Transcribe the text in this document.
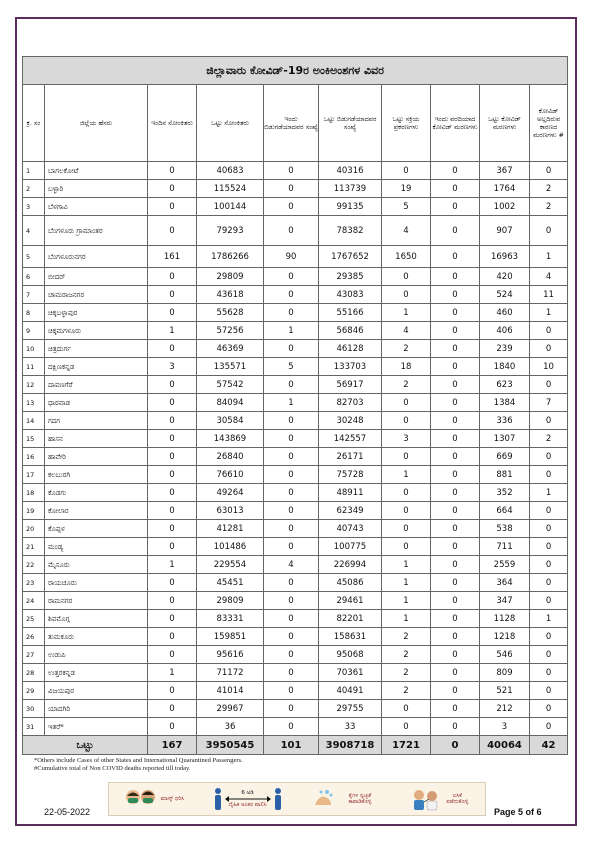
ಜಿಲ್ಲಾವಾರು ಕೋವಿಡ್-19ರ ಅಂಕಿಅಂಶಗಳ ವಿವರ									
ಕ್ರ. ಸಂ	ಜಿಲ್ಲೆಯ ಹೆಸರು	ಇಂದಿನ ಸೋಂಕಿತರು	ಒಟ್ಟು ಸೋಂಕಿತರು	ಇಂದು ಬಿಡುಗಡೆಯಾದವರ ಸಂಖ್ಯೆ	ಒಟ್ಟು ಬಿಡುಗಡೆಯಾದವರ ಸಂಖ್ಯೆ	ಒಟ್ಟು ಸಕ್ರಿಯ ಪ್ರಕರಣಗಳು	ಇಂದು ವರದಿಯಾದ ಕೋವಿಡ್ ಮರಣಗಳು	ಒಟ್ಟು ಕೋವಿಡ್ ಮರಣಗಳು	ಕೋವಿಡ್ ಅಲ್ಲದಿರುವ ಕಾರಣದ ಮರಣಗಳು #
1	ಬಾಗಲಕೋಟೆ	0	40683	0	40316	0	0	367	0
2	ಬಳ್ಳಾರಿ	0	115524	0	113739	19	0	1764	2
3	ಬೆಳಗಾವಿ	0	100144	0	99135	5	0	1002	2
4	ಬೆಂಗಳೂರು ಗ್ರಾಮಾಂತರ	0	79293	0	78382	4	0	907	0
5	ಬೆಂಗಳೂರುನಗರ	161	1786266	90	1767652	1650	0	16963	1
6	ಬೀದರ್	0	29809	0	29385	0	0	420	4
7	ಚಾಮರಾಜನಗರ	0	43618	0	43083	0	0	524	11
8	ಚಿಕ್ಕಬಳ್ಳಾಪುರ	0	55628	0	55166	1	0	460	1
9	ಚಿಕ್ಕಮಗಳೂರು	1	57256	1	56846	4	0	406	0
10	ಚಿತ್ರದುರ್ಗ	0	46369	0	46128	2	0	239	0
11	ದಕ್ಷಿಣಕನ್ನಡ	3	135571	5	133703	18	0	1840	10
12	ದಾವಣಗೆರೆ	0	57542	0	56917	2	0	623	0
13	ಧಾರವಾಡ	0	84094	1	82703	0	0	1384	7
14	ಗದಗ	0	30584	0	30248	0	0	336	0
15	ಹಾಸನ	0	143869	0	142557	3	0	1307	2
16	ಹಾವೇರಿ	0	26840	0	26171	0	0	669	0
17	ಕಲಬುರಗಿ	0	76610	0	75728	1	0	881	0
18	ಕೊಡಗು	0	49264	0	48911	0	0	352	1
19	ಕೋಲಾರ	0	63013	0	62349	0	0	664	0
20	ಕೊಪ್ಪಳ	0	41281	0	40743	0	0	538	0
21	ಮಂಡ್ಯ	0	101486	0	100775	0	0	711	0
22	ಮೈಸೂರು	1	229554	4	226994	1	0	2559	0
23	ರಾಯಚೂರು	0	45451	0	45086	1	0	364	0
24	ರಾಮನಗರ	0	29809	0	29461	1	0	347	0
25	ಶಿವಮೊಗ್ಗ	0	83331	0	82201	1	0	1128	1
26	ತುಮಕೂರು	0	159851	0	158631	2	0	1218	0
27	ಉಡುಪಿ	0	95616	0	95068	2	0	546	0
28	ಉತ್ತರಕನ್ನಡ	1	71172	0	70361	2	0	809	0
29	ವಿಜಯಪುರ	0	41014	0	40491	2	0	521	0
30	ಯಾದಗಿರಿ	0	29967	0	29755	0	0	212	0
31	ಇತರೆ*	0	36	0	33	0	0	3	0
ಒಟ್ಟು		167	3950545	101	3908718	1721	0	40064	42
*Others include Cases of other States and International Quarantined Passengers.
#Cumulative total of Non COVID deaths reported till today.
ಮಾಸ್ಕ್ ಧರಿಸಿ
6 ಅಡಿ
ದೈಹಿಕ ಅಂತರ ಪಾಲಿಸಿ
ಕೈಗಳ ಸ್ವಚ್ಛತೆ ಕಾಪಾಡಿಕೊಳ್ಳಿ
ಲಸಿಕೆ ಪಡೆದುಕೊಳ್ಳಿ
22-05-2022	Page 5 of 6
